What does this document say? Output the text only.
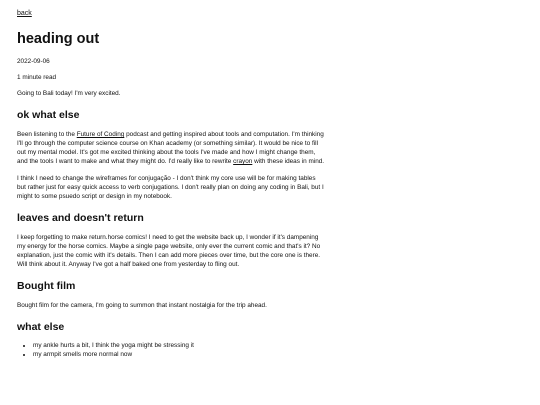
back
heading out
2022-09-06
1 minute read
Going to Bali today! I'm very excited.
ok what else

Been listening to the Future of Coding podcast and getting inspired about tools and computation. I'm thinking I'll go through the computer science course on Khan academy (or something similar). It would be nice to fill out my mental model. It's got me excited thinking about the tools I've made and how I might change them, and the tools I want to make and what they might do. I'd really like to rewrite crayon with these ideas in mind.

I think I need to change the wireframes for conjugação - I don't think my core use will be for making tables but rather just for easy quick access to verb conjugations. I don't really plan on doing any coding in Bali, but I might to some psuedo script or design in my notebook.

leaves and doesn't return

I keep forgetting to make return.horse comics! I need to get the website back up, I wonder if it's dampening my energy for the horse comics. Maybe a single page website, only ever the current comic and that's it? No explanation, just the comic with it's details. Then I can add more pieces over time, but the core one is there. Will think about it. Anyway I've got a half baked one from yesterday to fling out.

Bought film

Bought film for the camera, I'm going to summon that instant nostalgia for the trip ahead.

what else
• my ankle hurts a bit, I think the yoga might be stressing it
• my armpit smells more normal now
